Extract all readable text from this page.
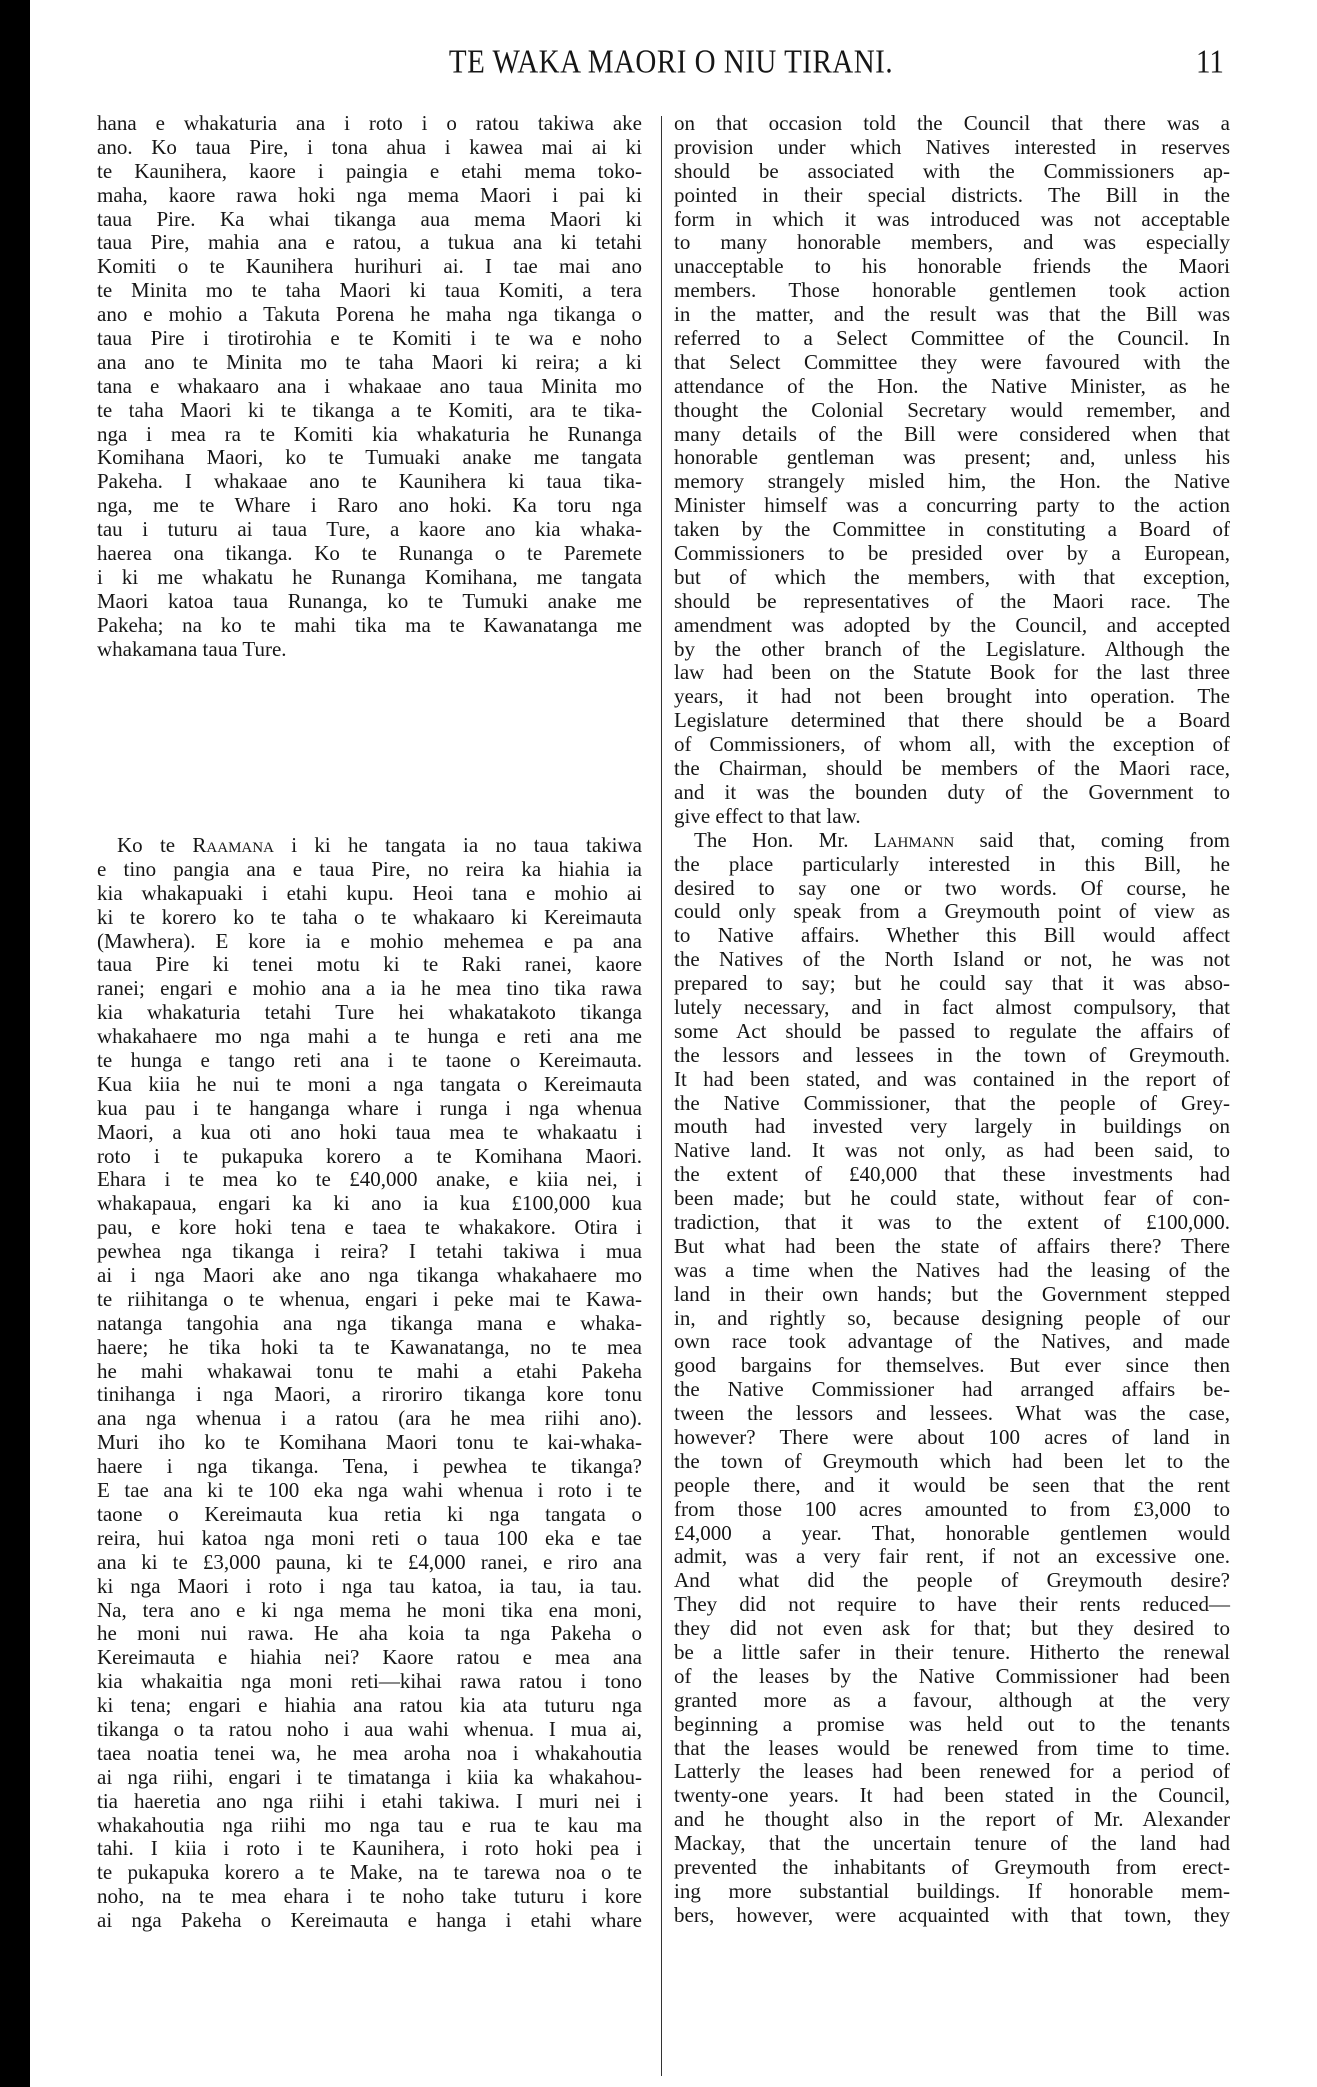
TE WAKA MAORI O NIU TIRANI.	11
hana e whakaturia ana i roto i o ratou takiwa ake
ano. Ko taua Pire, i tona ahua i kawea mai ai ki
te Kaunihera, kaore i paingia e etahi mema toko-
maha, kaore rawa hoki nga mema Maori i pai ki
taua Pire. Ka whai tikanga aua mema Maori ki
taua Pire, mahia ana e ratou, a tukua ana ki tetahi
Komiti o te Kaunihera hurihuri ai. I tae mai ano
te Minita mo te taha Maori ki taua Komiti, a tera
ano e mohio a Takuta Porena he maha nga tikanga o
taua Pire i tirotirohia e te Komiti i te wa e noho
ana ano te Minita mo te taha Maori ki reira; a ki
tana e whakaaro ana i whakaae ano taua Minita mo
te taha Maori ki te tikanga a te Komiti, ara te tika-
nga i mea ra te Komiti kia whakaturia he Runanga
Komihana Maori, ko te Tumuaki anake me tangata
Pakeha. I whakaae ano te Kaunihera ki taua tika-
nga, me te Whare i Raro ano hoki. Ka toru nga
tau i tuturu ai taua Ture, a kaore ano kia whaka-
haerea ona tikanga. Ko te Runanga o te Paremete
i ki me whakatu he Runanga Komihana, me tangata
Maori katoa taua Runanga, ko te Tumuki anake me
Pakeha; na ko te mahi tika ma te Kawanatanga me
whakamana taua Ture.
Ko te Raamana i ki he tangata ia no taua takiwa
e tino pangia ana e taua Pire, no reira ka hiahia ia
kia whakapuaki i etahi kupu. Heoi tana e mohio ai
ki te korero ko te taha o te whakaaro ki Kereimauta
(Mawhera). E kore ia e mohio mehemea e pa ana
taua Pire ki tenei motu ki te Raki ranei, kaore
ranei; engari e mohio ana a ia he mea tino tika rawa
kia whakaturia tetahi Ture hei whakatakoto tikanga
whakahaere mo nga mahi a te hunga e reti ana me
te hunga e tango reti ana i te taone o Kereimauta.
Kua kiia he nui te moni a nga tangata o Kereimauta
kua pau i te hanganga whare i runga i nga whenua
Maori, a kua oti ano hoki taua mea te whakaatu i
roto i te pukapuka korero a te Komihana Maori.
Ehara i te mea ko te £40,000 anake, e kiia nei, i
whakapaua, engari ka ki ano ia kua £100,000 kua
pau, e kore hoki tena e taea te whakakore. Otira i
pewhea nga tikanga i reira? I tetahi takiwa i mua
ai i nga Maori ake ano nga tikanga whakahaere mo
te riihitanga o te whenua, engari i peke mai te Kawa-
natanga tangohia ana nga tikanga mana e whaka-
haere; he tika hoki ta te Kawanatanga, no te mea
he mahi whakawai tonu te mahi a etahi Pakeha
tinihanga i nga Maori, a riroriro tikanga kore tonu
ana nga whenua i a ratou (ara he mea riihi ano).
Muri iho ko te Komihana Maori tonu te kai-whaka-
haere i nga tikanga. Tena, i pewhea te tikanga?
E tae ana ki te 100 eka nga wahi whenua i roto i te
taone o Kereimauta kua retia ki nga tangata o
reira, hui katoa nga moni reti o taua 100 eka e tae
ana ki te £3,000 pauna, ki te £4,000 ranei, e riro ana
ki nga Maori i roto i nga tau katoa, ia tau, ia tau.
Na, tera ano e ki nga mema he moni tika ena moni,
he moni nui rawa. He aha koia ta nga Pakeha o
Kereimauta e hiahia nei? Kaore ratou e mea ana
kia whakaitia nga moni reti—kihai rawa ratou i tono
ki tena; engari e hiahia ana ratou kia ata tuturu nga
tikanga o ta ratou noho i aua wahi whenua. I mua ai,
taea noatia tenei wa, he mea aroha noa i whakahoutia
ai nga riihi, engari i te timatanga i kiia ka whakahou-
tia haeretia ano nga riihi i etahi takiwa. I muri nei i
whakahoutia nga riihi mo nga tau e rua te kau ma
tahi. I kiia i roto i te Kaunihera, i roto hoki pea i
te pukapuka korero a te Make, na te tarewa noa o te
noho, na te mea ehara i te noho take tuturu i kore
ai nga Pakeha o Kereimauta e hanga i etahi whare
on that occasion told the Council that there was a
provision under which Natives interested in reserves
should be associated with the Commissioners ap-
pointed in their special districts. The Bill in the
form in which it was introduced was not acceptable
to many honorable members, and was especially
unacceptable to his honorable friends the Maori
members. Those honorable gentlemen took action
in the matter, and the result was that the Bill was
referred to a Select Committee of the Council. In
that Select Committee they were favoured with the
attendance of the Hon. the Native Minister, as he
thought the Colonial Secretary would remember, and
many details of the Bill were considered when that
honorable gentleman was present; and, unless his
memory strangely misled him, the Hon. the Native
Minister himself was a concurring party to the action
taken by the Committee in constituting a Board of
Commissioners to be presided over by a European,
but of which the members, with that exception,
should be representatives of the Maori race. The
amendment was adopted by the Council, and accepted
by the other branch of the Legislature. Although the
law had been on the Statute Book for the last three
years, it had not been brought into operation. The
Legislature determined that there should be a Board
of Commissioners, of whom all, with the exception of
the Chairman, should be members of the Maori race,
and it was the bounden duty of the Government to
give effect to that law.
The Hon. Mr. Lahmann said that, coming from
the place particularly interested in this Bill, he
desired to say one or two words. Of course, he
could only speak from a Greymouth point of view as
to Native affairs. Whether this Bill would affect
the Natives of the North Island or not, he was not
prepared to say; but he could say that it was abso-
lutely necessary, and in fact almost compulsory, that
some Act should be passed to regulate the affairs of
the lessors and lessees in the town of Greymouth.
It had been stated, and was contained in the report of
the Native Commissioner, that the people of Grey-
mouth had invested very largely in buildings on
Native land. It was not only, as had been said, to
the extent of £40,000 that these investments had
been made; but he could state, without fear of con-
tradiction, that it was to the extent of £100,000.
But what had been the state of affairs there? There
was a time when the Natives had the leasing of the
land in their own hands; but the Government stepped
in, and rightly so, because designing people of our
own race took advantage of the Natives, and made
good bargains for themselves. But ever since then
the Native Commissioner had arranged affairs be-
tween the lessors and lessees. What was the case,
however? There were about 100 acres of land in
the town of Greymouth which had been let to the
people there, and it would be seen that the rent
from those 100 acres amounted to from £3,000 to
£4,000 a year. That, honorable gentlemen would
admit, was a very fair rent, if not an excessive one.
And what did the people of Greymouth desire?
They did not require to have their rents reduced—
they did not even ask for that; but they desired to
be a little safer in their tenure. Hitherto the renewal
of the leases by the Native Commissioner had been
granted more as a favour, although at the very
beginning a promise was held out to the tenants
that the leases would be renewed from time to time.
Latterly the leases had been renewed for a period of
twenty-one years. It had been stated in the Council,
and he thought also in the report of Mr. Alexander
Mackay, that the uncertain tenure of the land had
prevented the inhabitants of Greymouth from erect-
ing more substantial buildings. If honorable mem-
bers, however, were acquainted with that town, they
